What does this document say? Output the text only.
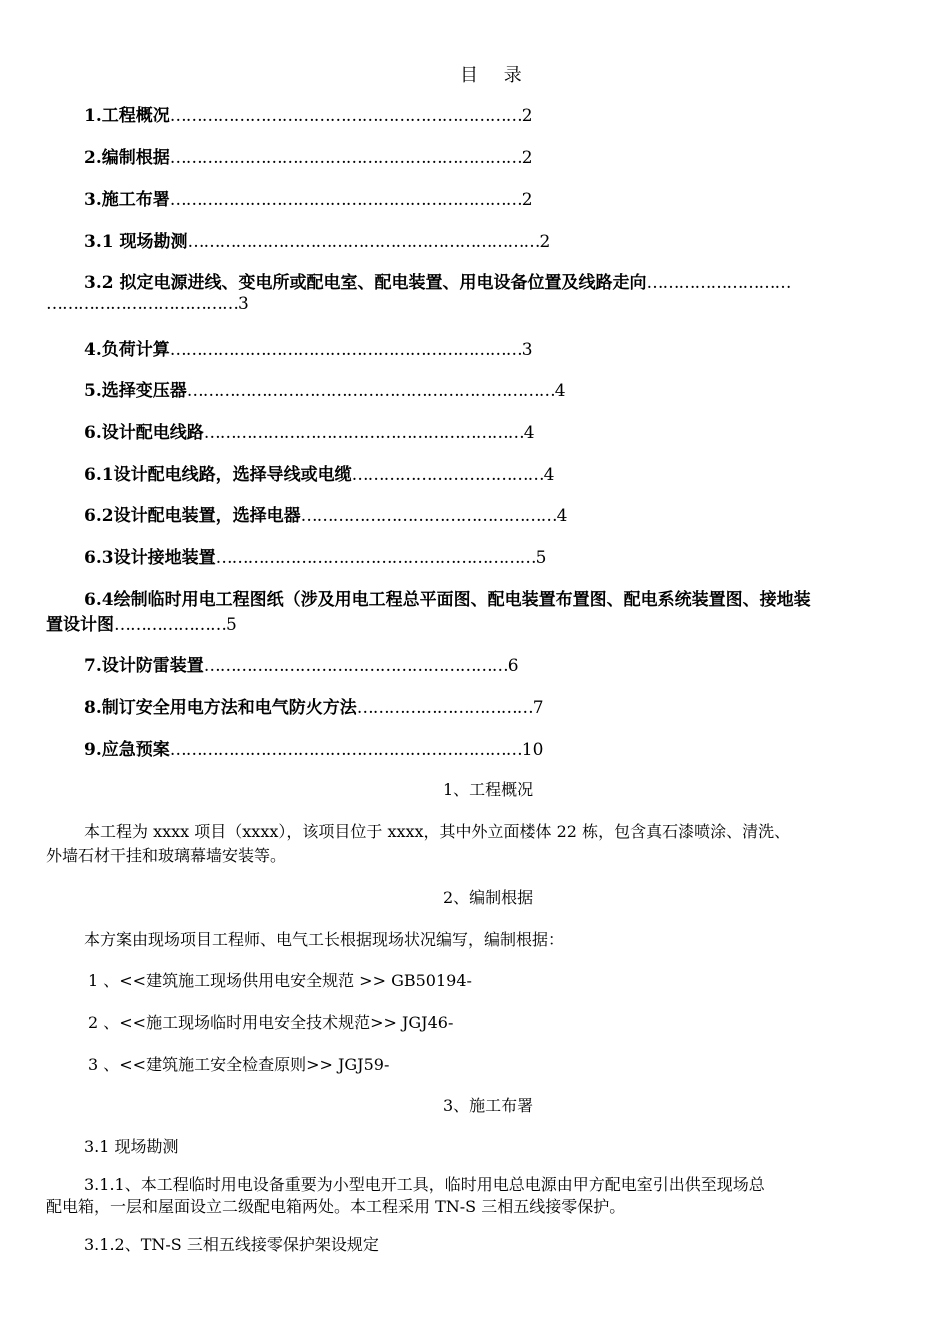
目 录
1.工程概况…………………………………………………………2
2.编制根据…………………………………………………………2
3.施工布署…………………………………………………………2
3.1 现场勘测…………………………………………………………2
3.2 拟定电源进线、变电所或配电室、配电装置、用电设备位置及线路走向………………………
………………………………3
4.负荷计算…………………………………………………………3
5.选择变压器……………………………………………………………4
6.设计配电线路……………………………………………………4
6.1设计配电线路，选择导线或电缆………………………………4
6.2设计配电装置，选择电器…………………………………………4
6.3设计接地装置……………………………………………………5
6.4绘制临时用电工程图纸（涉及用电工程总平面图、配电装置布置图、配电系统装置图、接地装
置设计图…………………5
7.设计防雷装置…………………………………………………6
8.制订安全用电方法和电气防火方法……………………………7
9.应急预案…………………………………………………………10
1、工程概况
本工程为 xxxx 项目（xxxx），该项目位于 xxxx，其中外立面楼体 22 栋，包含真石漆喷涂、清洗、
外墙石材干挂和玻璃幕墙安装等。
2、编制根据
本方案由现场项目工程师、电气工长根据现场状况编写，编制根据：
1 、<<建筑施工现场供用电安全规范 >> GB50194-
2 、<<施工现场临时用电安全技术规范>> JGJ46-
3 、<<建筑施工安全检查原则>> JGJ59-
3、施工布署
3.1 现场勘测
3.1.1、本工程临时用电设备重要为小型电开工具，临时用电总电源由甲方配电室引出供至现场总
配电箱，一层和屋面设立二级配电箱两处。本工程采用 TN-S 三相五线接零保护。
3.1.2、TN-S 三相五线接零保护架设规定
